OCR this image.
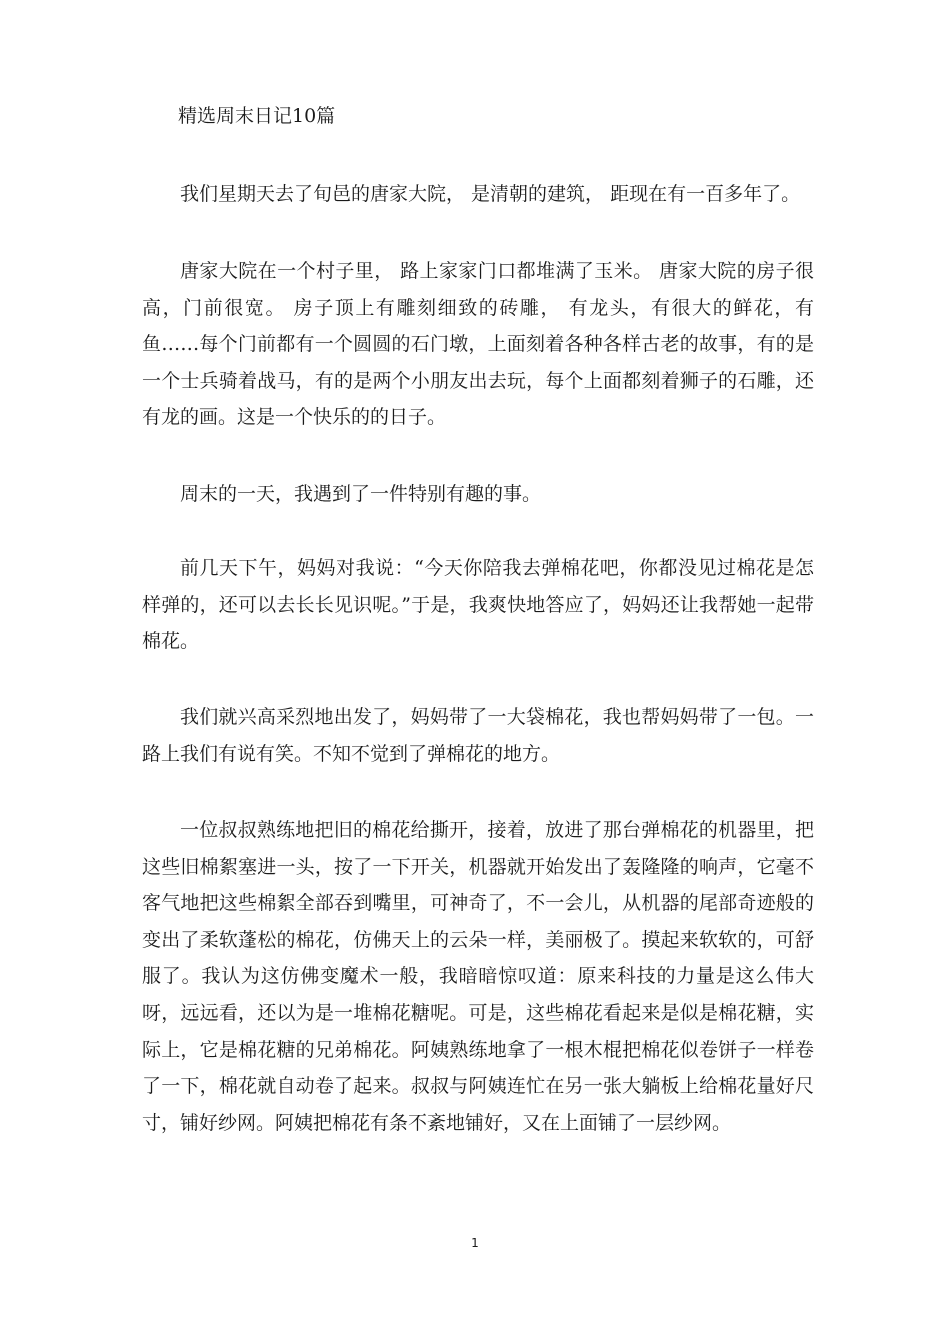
精选周末日记10篇

我们星期天去了旬邑的唐家大院， 是清朝的建筑， 距现在有一百多年了。

唐家大院在一个村子里， 路上家家门口都堆满了玉米。 唐家大院的房子很高，门前很宽。 房子顶上有雕刻细致的砖雕， 有龙头，有很大的鲜花，有鱼……每个门前都有一个圆圆的石门墩，上面刻着各种各样古老的故事，有的是一个士兵骑着战马，有的是两个小朋友出去玩，每个上面都刻着狮子的石雕，还有龙的画。这是一个快乐的的日子。

周末的一天，我遇到了一件特别有趣的事。

前几天下午，妈妈对我说：“今天你陪我去弹棉花吧，你都没见过棉花是怎样弹的，还可以去长长见识呢。”于是，我爽快地答应了，妈妈还让我帮她一起带棉花。

我们就兴高采烈地出发了，妈妈带了一大袋棉花，我也帮妈妈带了一包。一路上我们有说有笑。不知不觉到了弹棉花的地方。

一位叔叔熟练地把旧的棉花给撕开，接着，放进了那台弹棉花的机器里，把这些旧棉絮塞进一头，按了一下开关，机器就开始发出了轰隆隆的响声，它毫不客气地把这些棉絮全部吞到嘴里，可神奇了，不一会儿，从机器的尾部奇迹般的变出了柔软蓬松的棉花，仿佛天上的云朵一样，美丽极了。摸起来软软的，可舒服了。我认为这仿佛变魔术一般，我暗暗惊叹道：原来科技的力量是这么伟大呀，远远看，还以为是一堆棉花糖呢。可是，这些棉花看起来是似是棉花糖，实际上，它是棉花糖的兄弟棉花。阿姨熟练地拿了一根木棍把棉花似卷饼子一样卷了一下，棉花就自动卷了起来。叔叔与阿姨连忙在另一张大躺板上给棉花量好尺寸，铺好纱网。阿姨把棉花有条不紊地铺好，又在上面铺了一层纱网。

1
